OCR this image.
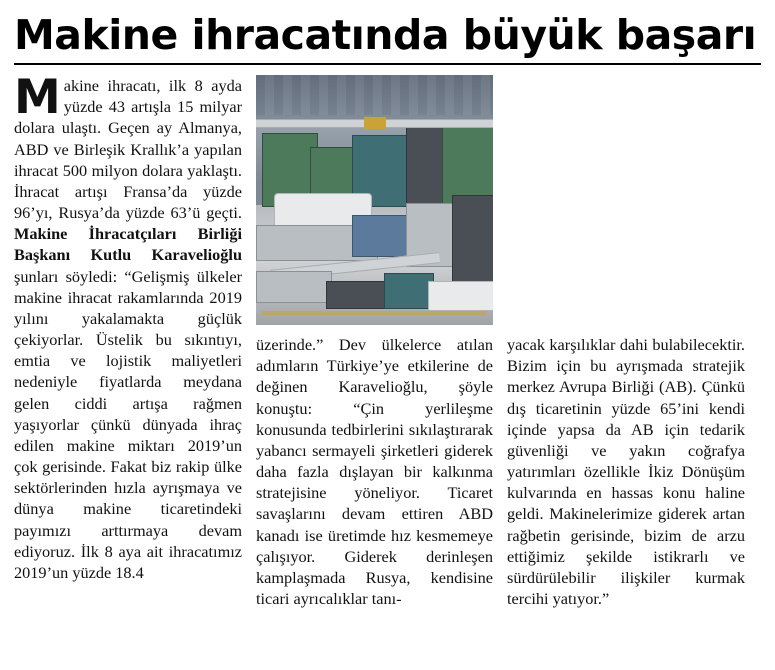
Makine ihracatında büyük başarı

Makine ihracatı, ilk 8 ayda yüzde 43 artışla 15 milyar dolara ulaştı. Geçen ay Almanya, ABD ve Birleşik Krallık’a yapılan ihracat 500 milyon dolara yaklaştı. İhracat artışı Fransa’da yüzde 96’yı, Rusya’da yüzde 63’ü geçti. Makine İhracatçıları Birliği Başkanı Kutlu Karavelioğlu şunları söyledi: “Gelişmiş ülkeler makine ihracat rakamlarında 2019 yılını yakalamakta güçlük çekiyorlar. Üstelik bu sıkıntıyı, emtia ve lojistik maliyetleri nedeniyle fiyatlarda meydana gelen ciddi artışa rağmen yaşıyorlar çünkü dünyada ihraç edilen makine miktarı 2019’un çok gerisinde. Fakat biz rakip ülke sektörlerinden hızla ayrışmaya ve dünya makine ticaretindeki payımızı arttırmaya devam ediyoruz. İlk 8 aya ait ihracatımız 2019’un yüzde 18.4

üzerinde.” Dev ülkelerce atılan adımların Türkiye’ye etkilerine de değinen Karavelioğlu, şöyle konuştu: “Çin yerlileşme konusunda tedbirlerini sıkılaştırarak yabancı sermayeli şirketleri giderek daha fazla dışlayan bir kalkınma stratejisine yöneliyor. Ticaret savaşlarını devam ettiren ABD kanadı ise üretimde hız kesmemeye çalışıyor. Giderek derinleşen kamplaşmada Rusya, kendisine ticari ayrıcalıklar tanı-

yacak karşılıklar dahi bulabilecektir. Bizim için bu ayrışmada stratejik merkez Avrupa Birliği (AB). Çünkü dış ticaretinin yüzde 65’ini kendi içinde yapsa da AB için tedarik güvenliği ve yakın coğrafya yatırımları özellikle İkiz Dönüşüm kulvarında en hassas konu haline geldi. Makinelerimize giderek artan rağbetin gerisinde, bizim de arzu ettiğimiz şekilde istikrarlı ve sürdürülebilir ilişkiler kurmak tercihi yatıyor.”
